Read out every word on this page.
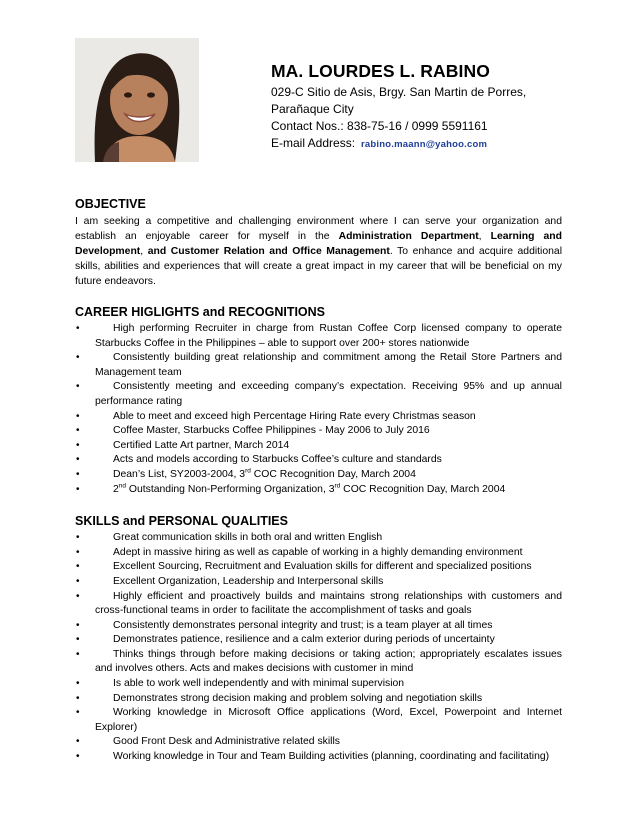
MA. LOURDES L. RABINO
029-C Sitio de Asis, Brgy. San Martin de Porres,
Parañaque City
Contact Nos.: 838-75-16 / 0999 5591161
E-mail Address: rabino.maann@yahoo.com
OBJECTIVE

I am seeking a competitive and challenging environment where I can serve your organization and establish an enjoyable career for myself in the Administration Department, Learning and Development, and Customer Relation and Office Management. To enhance and acquire additional skills, abilities and experiences that will create a great impact in my career that will be beneficial on my future endeavors.

CAREER HIGLIGHTS and RECOGNITIONS
•	High performing Recruiter in charge from Rustan Coffee Corp licensed company to operate Starbucks Coffee in the Philippines – able to support over 200+ stores nationwide
•	Consistently building great relationship and commitment among the Retail Store Partners and Management team
•	Consistently meeting and exceeding company’s expectation. Receiving 95% and up annual performance rating
•	Able to meet and exceed high Percentage Hiring Rate every Christmas season
•	Coffee Master, Starbucks Coffee Philippines - May 2006 to July 2016
•	Certified Latte Art partner, March 2014
•	Acts and models according to Starbucks Coffee’s culture and standards
•	Dean’s List, SY2003-2004, 3rd COC Recognition Day, March 2004
•	2nd Outstanding Non-Performing Organization, 3rd COC Recognition Day, March 2004
SKILLS and PERSONAL QUALITIES
•	Great communication skills in both oral and written English
•	Adept in massive hiring as well as capable of working in a highly demanding environment
•	Excellent Sourcing, Recruitment and Evaluation skills for different and specialized positions
•	Excellent Organization, Leadership and Interpersonal skills
•	Highly efficient and proactively builds and maintains strong relationships with customers and cross-functional teams in order to facilitate the accomplishment of tasks and goals
•	Consistently demonstrates personal integrity and trust; is a team player at all times
•	Demonstrates patience, resilience and a calm exterior during periods of uncertainty
•	Thinks things through before making decisions or taking action; appropriately escalates issues and involves others. Acts and makes decisions with customer in mind
•	Is able to work well independently and with minimal supervision
•	Demonstrates strong decision making and problem solving and negotiation skills
•	Working knowledge in Microsoft Office applications (Word, Excel, Powerpoint and Internet Explorer)
•	Good Front Desk and Administrative related skills
•	Working knowledge in Tour and Team Building activities (planning, coordinating and facilitating)
